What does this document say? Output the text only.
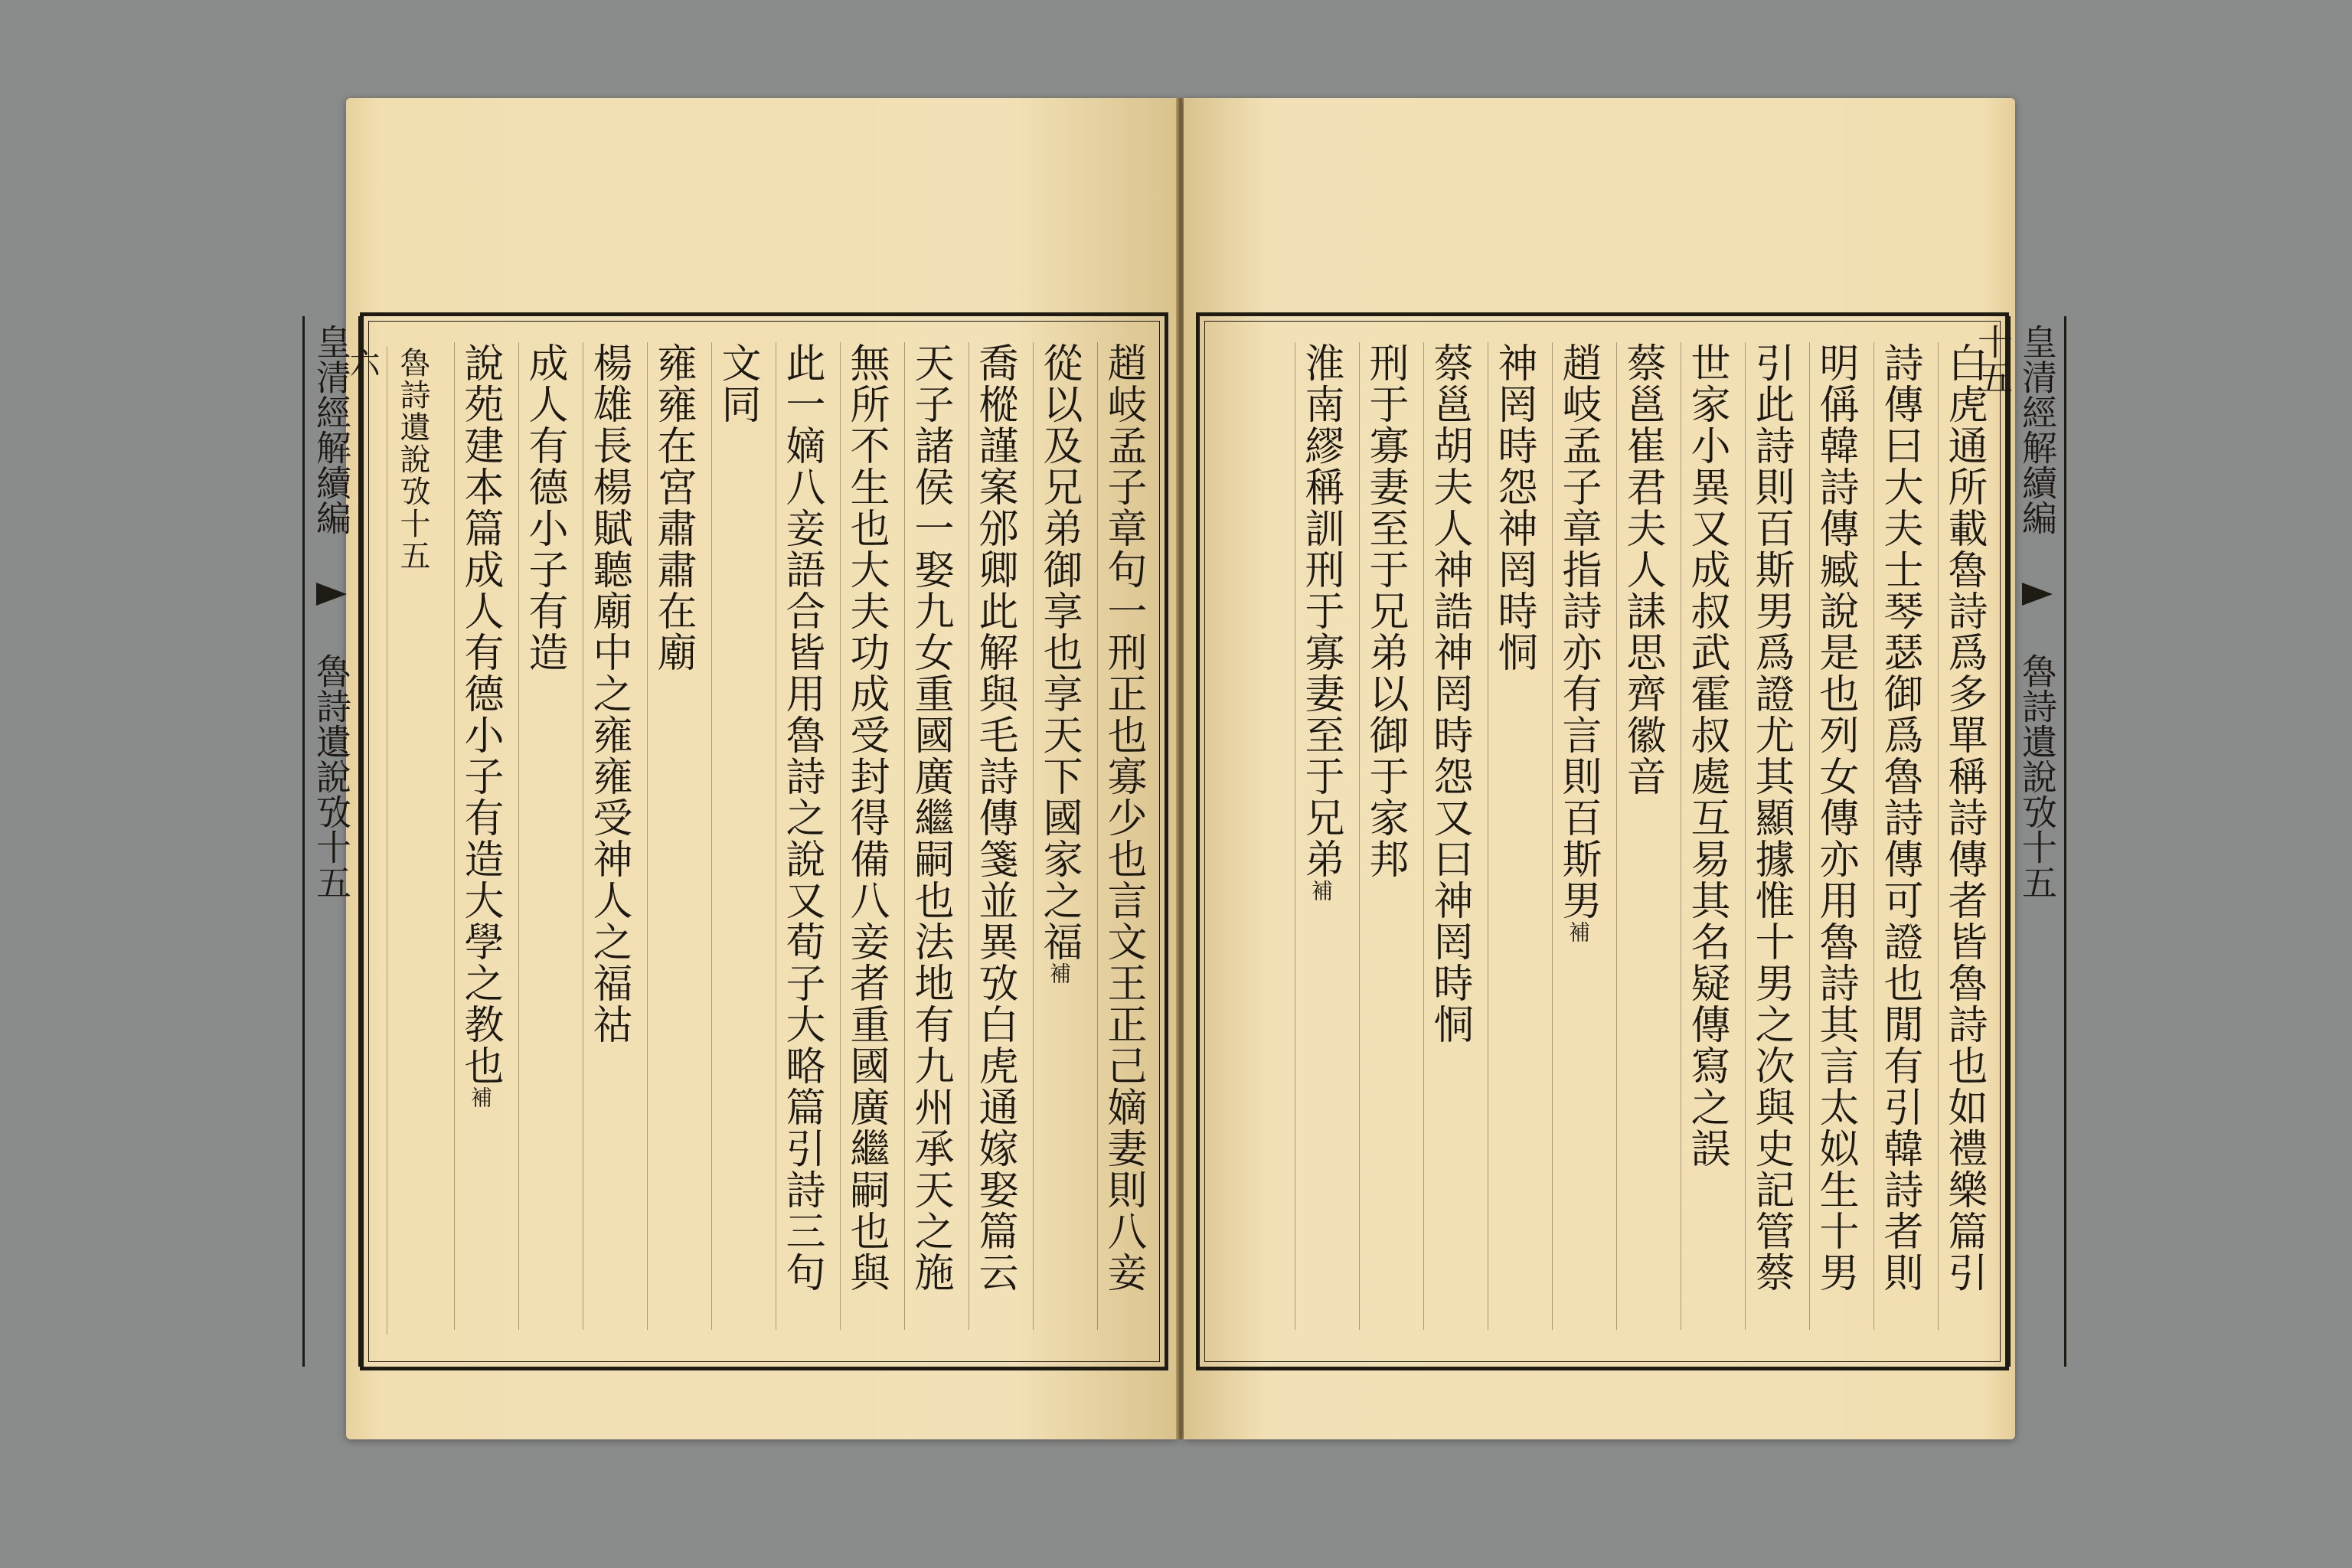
皇清經解續編  魯詩遺說攷十五	趙岐孟子章句一刑正也寡少也言文王正己嫡妻則八妾
從以及兄弟御享也享天下國家之福補
喬樅謹案邠卿此解與毛詩傳箋並異攷白虎通嫁娶篇云
天子諸侯一娶九女重國廣繼嗣也法地有九州承天之施
無所不生也大夫功成受封得備八妾者重國廣繼嗣也與
此一嫡八妾語合皆用魯詩之說又荀子大略篇引詩三句
文同
雍雍在宮肅肅在廟
楊雄長楊賦聽廟中之雍雍受神人之福祜
成人有德小子有造
說苑建本篇成人有德小子有造大學之教也補
魯詩遺說攷十五
六	白虎通所載魯詩爲多單稱詩傳者皆魯詩也如禮樂篇引
詩傳曰大夫士琴瑟御爲魯詩傳可證也閒有引韓詩者則
明偁韓詩傳臧說是也列女傳亦用魯詩其言太姒生十男
引此詩則百斯男爲證尤其顯據惟十男之次與史記管蔡
世家小異又成叔武霍叔處互易其名疑傳寫之誤
蔡邕崔君夫人誄思齊徽音
趙岐孟子章指詩亦有言則百斯男補
神罔時怨神罔時恫
蔡邕胡夫人神誥神罔時怨又曰神罔時恫
刑于寡妻至于兄弟以御于家邦
淮南繆稱訓刑于寡妻至于兄弟補
皇清經解續編  魯詩遺說攷十五
十五
